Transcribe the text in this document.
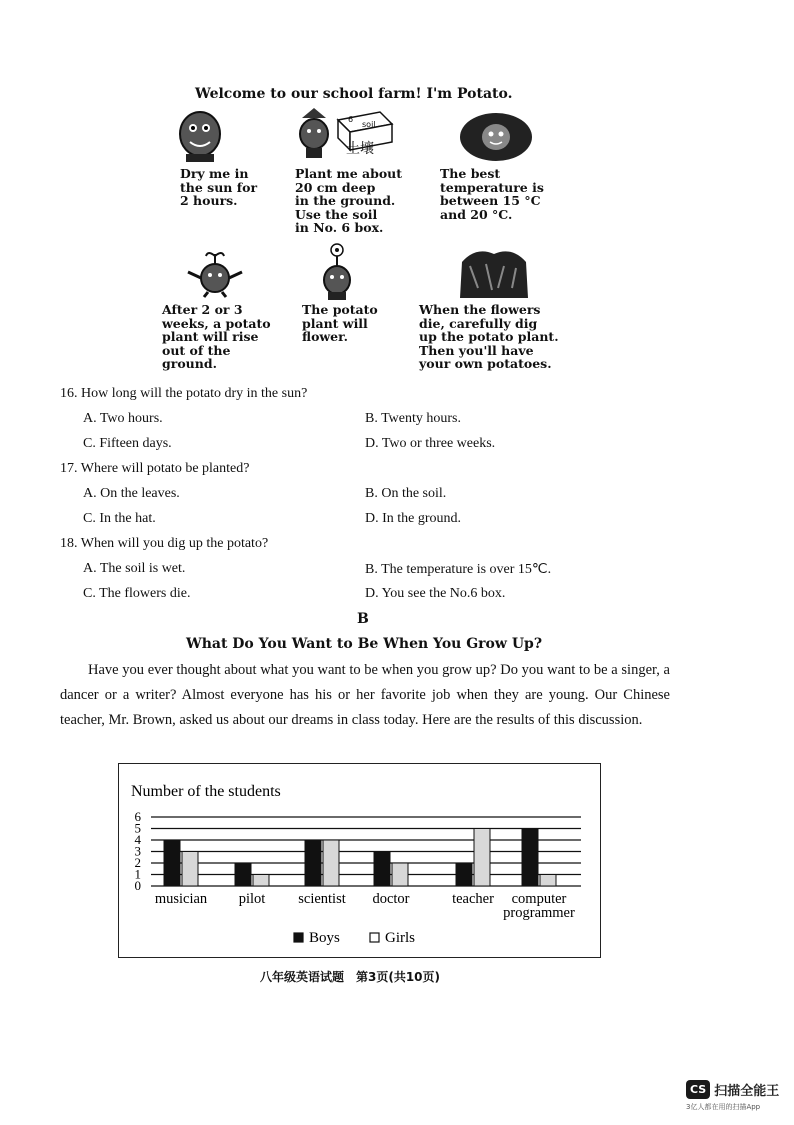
Welcome to our school farm! I'm Potato.
6
soil
土壤
Dry me in
the sun for
2 hours.
Plant me about
20 cm deep
in the ground.
Use the soil
in No. 6 box.
The best
temperature is
between 15 °C
and 20 °C.
After 2 or 3
weeks, a potato
plant will rise
out of the
ground.
The potato
plant will
flower.
When the flowers
die, carefully dig
up the potato plant.
Then you'll have
your own potatoes.
16. How long will the potato dry in the sun?
A. Two hours.	B. Twenty hours.
C. Fifteen days.	D. Two or three weeks.
17. Where will potato be planted?
A. On the leaves.	B. On the soil.
C. In the hat.	D. In the ground.
18. When will you dig up the potato?
A. The soil is wet.	B. The temperature is over 15℃.
C. The flowers die.	D. You see the No.6 box.
B
What Do You Want to Be When You Grow Up?
Have you ever thought about what you want to be when you grow up? Do you want to be a singer, a dancer or a writer? Almost everyone has his or her favorite job when they are young. Our Chinese teacher, Mr. Brown, asked us about our dreams in class today. Here are the results of this discussion.
Number of the students
0
1
2
3
4
5
6
musician pilot scientist doctor	teacher computer
programmer
Boys	Girls
八年级英语试题　第3页(共10页)
CS 扫描全能王
3亿人都在用的扫描App
